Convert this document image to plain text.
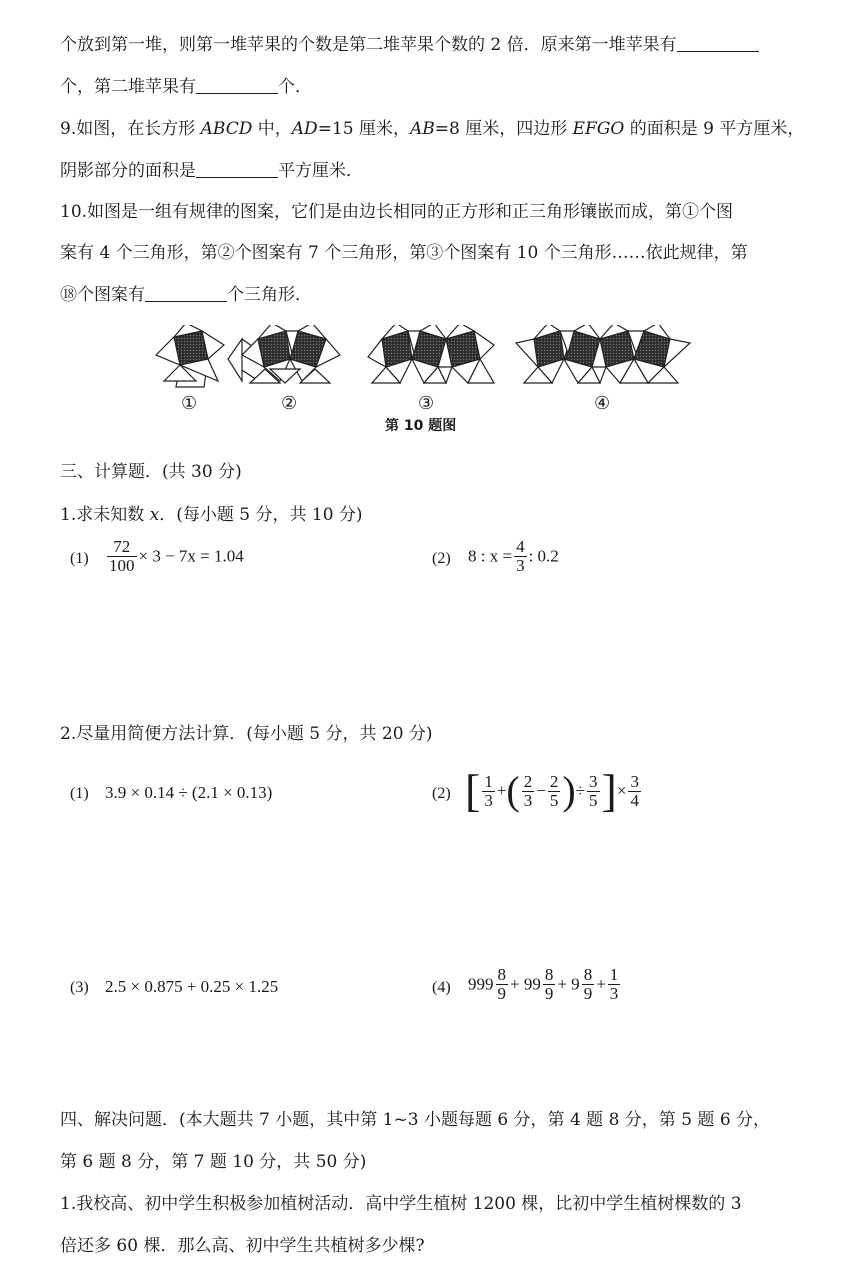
个放到第一堆，则第一堆苹果的个数是第二堆苹果个数的 2 倍．原来第一堆苹果有
个，第二堆苹果有	个．
9.如图，在长方形 ABCD 中，AD=15 厘米，AB=8 厘米，四边形 EFGO 的面积是 9 平方厘米，
阴影部分的面积是	平方厘米．
10.如图是一组有规律的图案，它们是由边长相同的正方形和正三角形镶嵌而成，第①个图
案有 4 个三角形，第②个图案有 7 个三角形，第③个图案有 10 个三角形……依此规律，第
⑱个图案有	个三角形．
①	②	③	④
第 10 题图
三、计算题．(共 30 分)
1.求未知数 x．(每小题 5 分，共 10 分)
$(1) \frac{72}{100} \times 3 - 7x = 1.04$	(2) 8 : $x = \frac{4}{3}$ : 0.2
2.尽量用简便方法计算．(每小题 5 分，共 20 分)
(1) 3.9 × 0.14 ÷ (2.1 × 0.13)	(2) [ $\frac{1}{3}$ +( $\frac{2}{3} - \frac{2}{5}$ )÷ $\frac{3}{5}$ ]× $\frac{3}{4}$
(3) 2.5 × 0.875 + 0.25 × 1.25	(4) $999 \frac{8}{9} + 99 \frac{8}{9} + 9 \frac{8}{9} + \frac{1}{3}$
四、解决问题．(本大题共 7 小题，其中第 1~3 小题每题 6 分，第 4 题 8 分，第 5 题 6 分，
第 6 题 8 分，第 7 题 10 分，共 50 分)
1.我校高、初中学生积极参加植树活动．高中学生植树 1200 棵，比初中学生植树棵数的 3
倍还多 60 棵．那么高、初中学生共植树多少棵?
